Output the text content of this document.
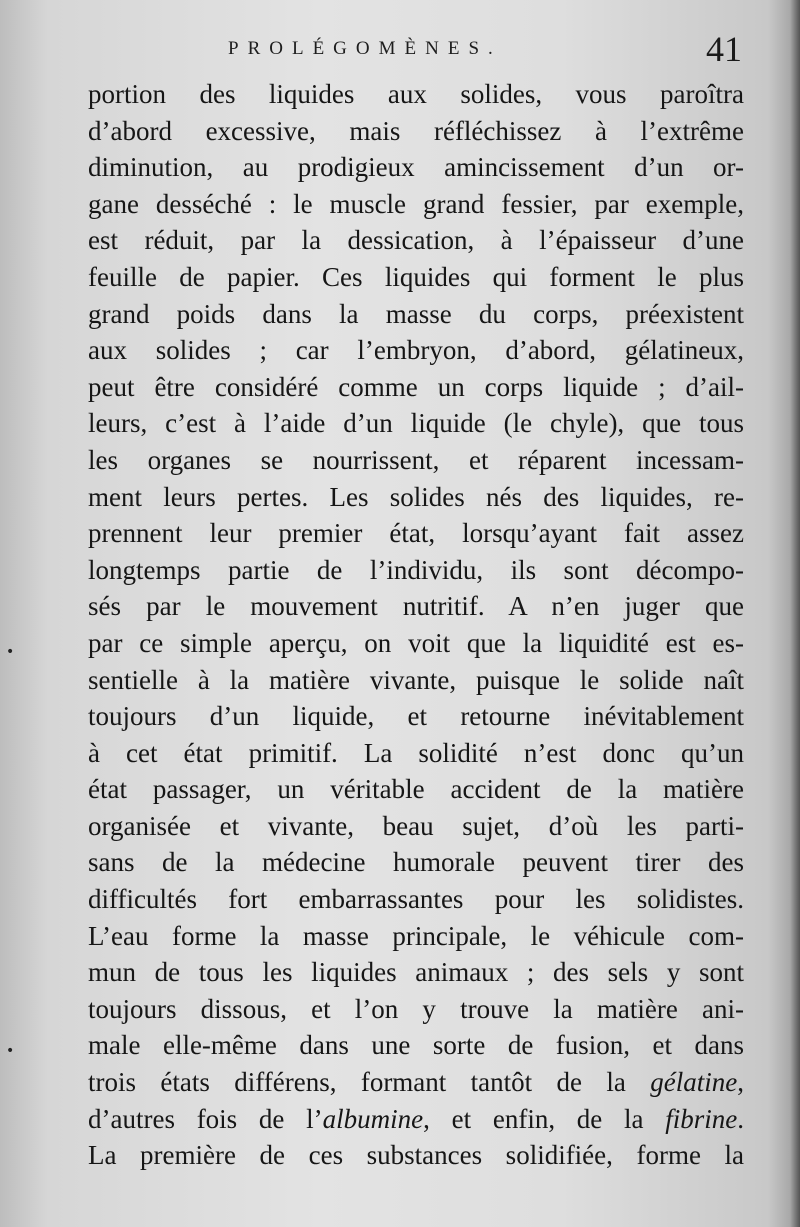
PROLÉGOMÈNES.	41
portion des liquides aux solides, vous paroîtra
d’abord excessive, mais réfléchissez à l’extrême
diminution, au prodigieux amincissement d’un or-
gane desséché : le muscle grand fessier, par exemple,
est réduit, par la dessication, à l’épaisseur d’une
feuille de papier. Ces liquides qui forment le plus
grand poids dans la masse du corps, préexistent
aux solides ; car l’embryon, d’abord, gélatineux,
peut être considéré comme un corps liquide ; d’ail-
leurs, c’est à l’aide d’un liquide (le chyle), que tous
les organes se nourrissent, et réparent incessam-
ment leurs pertes. Les solides nés des liquides, re-
prennent leur premier état, lorsqu’ayant fait assez
longtemps partie de l’individu, ils sont décompo-
sés par le mouvement nutritif. A n’en juger que
par ce simple aperçu, on voit que la liquidité est es-
sentielle à la matière vivante, puisque le solide naît
toujours d’un liquide, et retourne inévitablement
à cet état primitif. La solidité n’est donc qu’un
état passager, un véritable accident de la matière
organisée et vivante, beau sujet, d’où les parti-
sans de la médecine humorale peuvent tirer des
difficultés fort embarrassantes pour les solidistes.
L’eau forme la masse principale, le véhicule com-
mun de tous les liquides animaux ; des sels y sont
toujours dissous, et l’on y trouve la matière ani-
male elle-même dans une sorte de fusion, et dans
trois états différens, formant tantôt de la gélatine,
d’autres fois de l’albumine, et enfin, de la fibrine.
La première de ces substances solidifiée, forme la
•
•
